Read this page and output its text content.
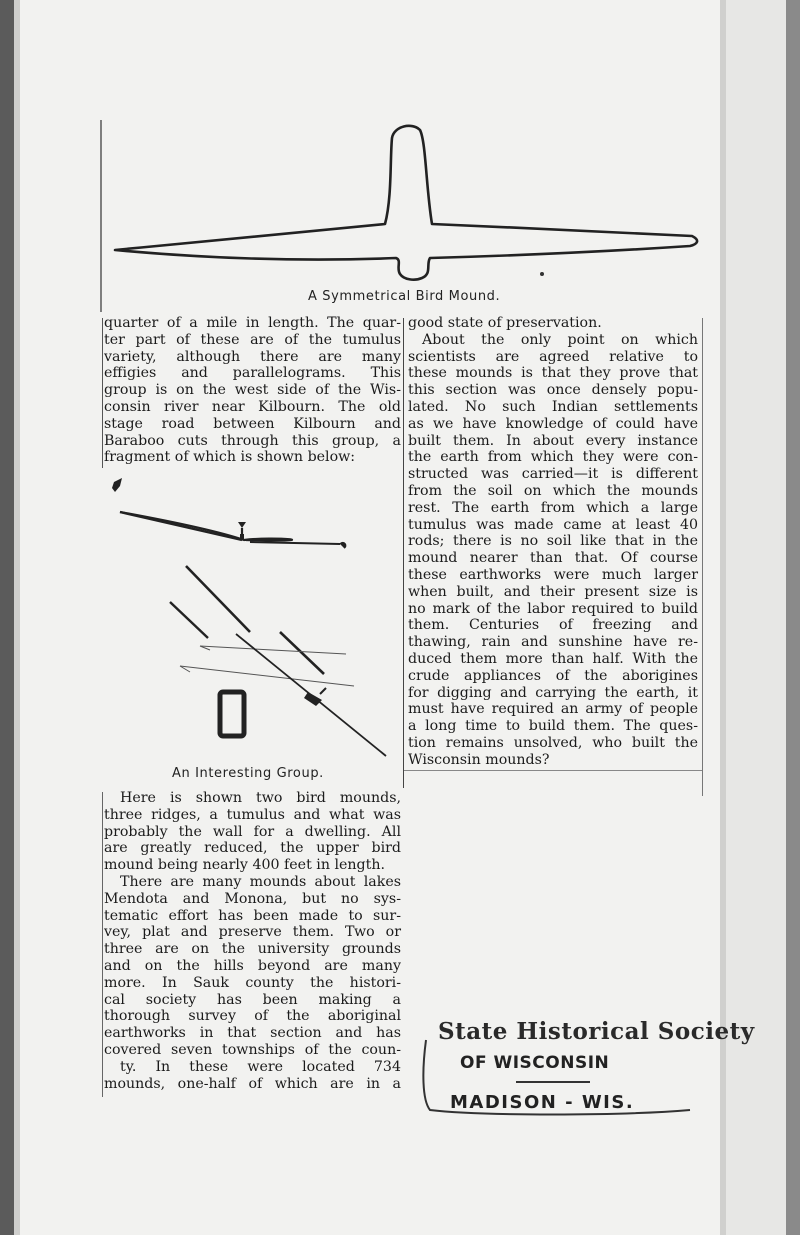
A Symmetrical Bird Mound.
quarter of a mile in length. The quar-
ter part of these are of the tumulus
variety, although there are many
effigies and parallelograms. This
group is on the west side of the Wis-
consin river near Kilbourn. The old
stage road between Kilbourn and
Baraboo cuts through this group, a
fragment of which is shown below:
good state of preservation.
About the only point on which
scientists are agreed relative to
these mounds is that they prove that
this section was once densely popu-
lated. No such Indian settlements
as we have knowledge of could have
built them. In about every instance
the earth from which they were con-
structed was carried—it is different
from the soil on which the mounds
rest. The earth from which a large
tumulus was made came at least 40
rods; there is no soil like that in the
mound nearer than that. Of course
these earthworks were much larger
when built, and their present size is
no mark of the labor required to build
them. Centuries of freezing and
thawing, rain and sunshine have re-
duced them more than half. With the
crude appliances of the aborigines
for digging and carrying the earth, it
must have required an army of people
a long time to build them. The ques-
tion remains unsolved, who built the
Wisconsin mounds?
An Interesting Group.
Here is shown two bird mounds,
three ridges, a tumulus and what was
probably the wall for a dwelling. All
are greatly reduced, the upper bird
mound being nearly 400 feet in length.
There are many mounds about lakes
Mendota and Monona, but no sys-
tematic effort has been made to sur-
vey, plat and preserve them. Two or
three are on the university grounds
and on the hills beyond are many
more. In Sauk county the histori-
cal society has been making a
thorough survey of the aboriginal
earthworks in that section and has
covered seven townships of the coun-
ty. In these were located 734
mounds, one-half of which are in a
State Historical Society
OF WISCONSIN
MADISON - WIS.
